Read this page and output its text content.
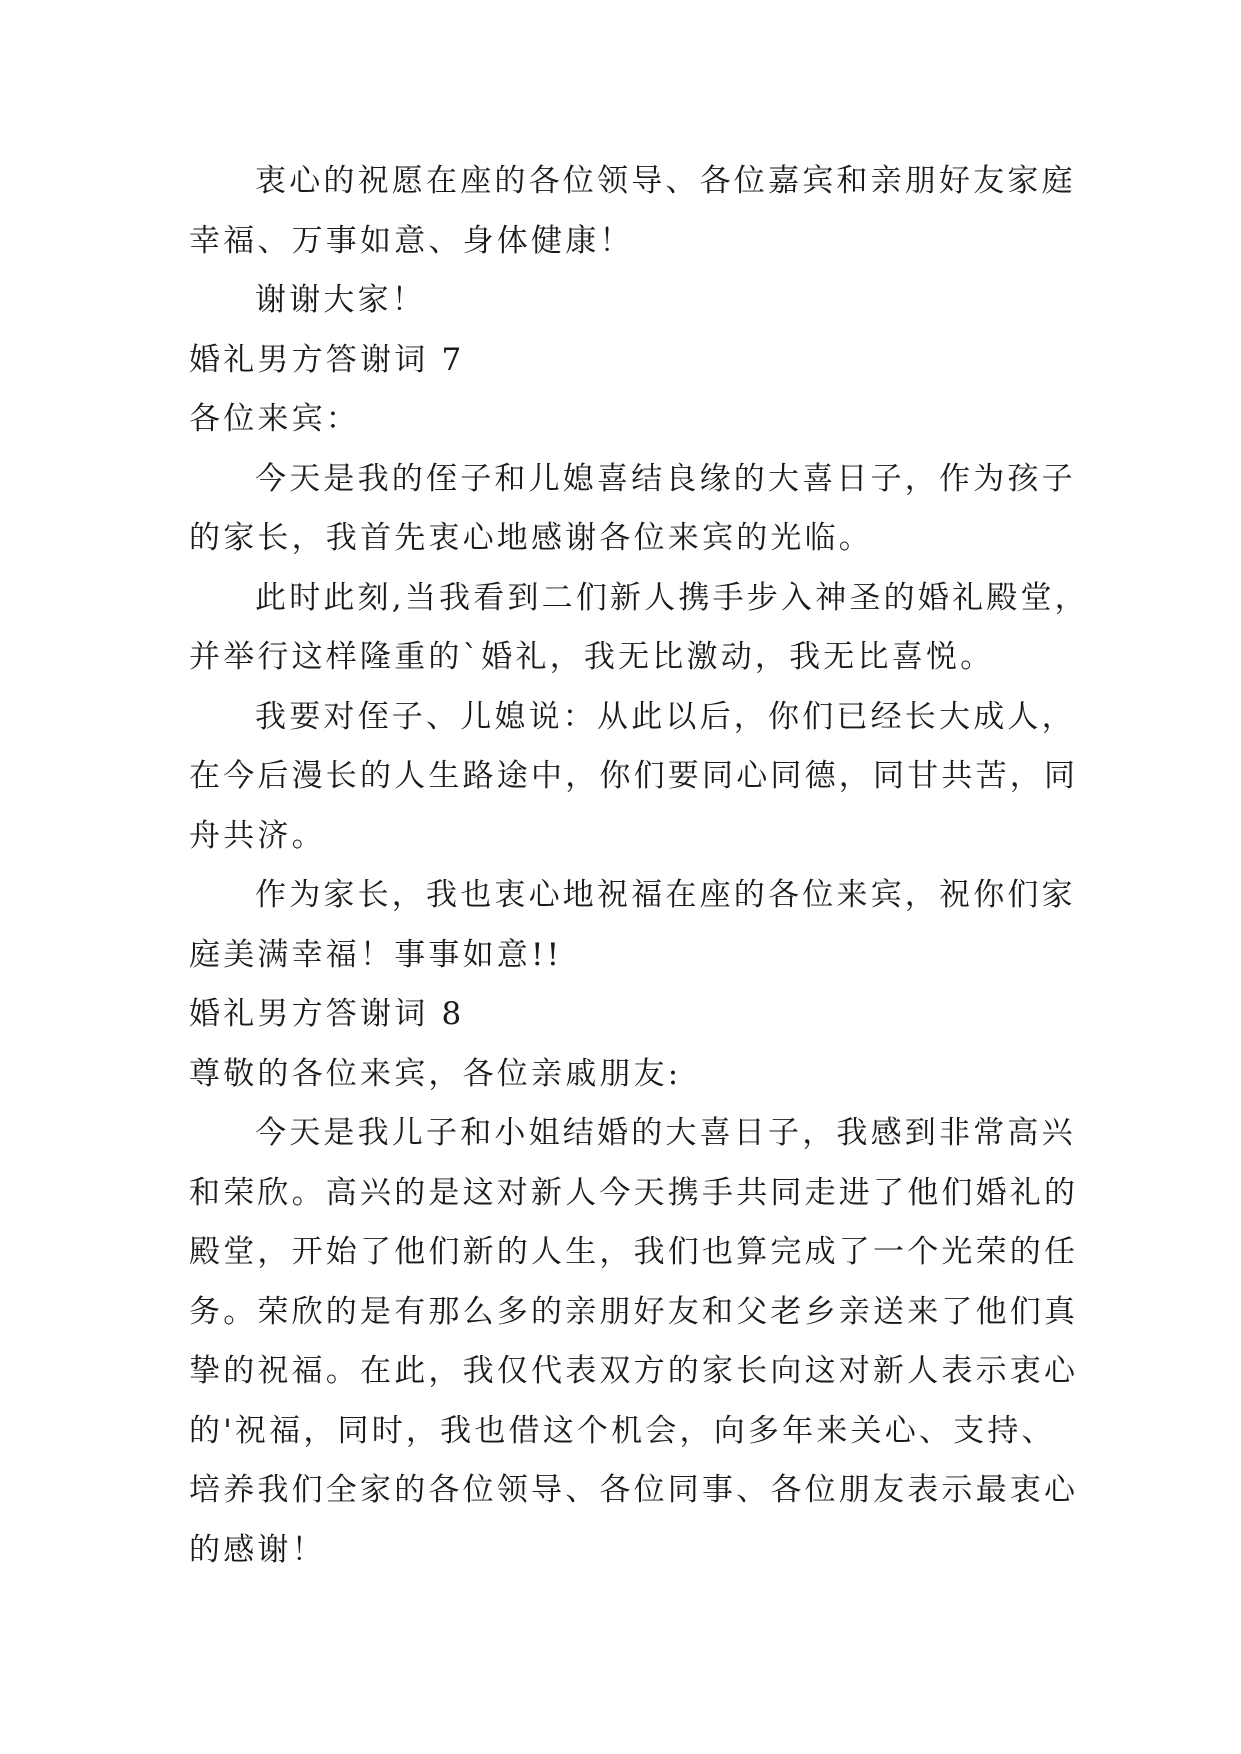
衷心的祝愿在座的各位领导、各位嘉宾和亲朋好友家庭
幸福、万事如意、身体健康！
谢谢大家！
婚礼男方答谢词 7
各位来宾：
今天是我的侄子和儿媳喜结良缘的大喜日子，作为孩子
的家长，我首先衷心地感谢各位来宾的光临。
此时此刻,当我看到二们新人携手步入神圣的婚礼殿堂，
并举行这样隆重的`婚礼，我无比激动，我无比喜悦。
我要对侄子、儿媳说：从此以后，你们已经长大成人，
在今后漫长的人生路途中，你们要同心同德，同甘共苦，同
舟共济。
作为家长，我也衷心地祝福在座的各位来宾，祝你们家
庭美满幸福！事事如意!!
婚礼男方答谢词 8
尊敬的各位来宾，各位亲戚朋友:
今天是我儿子和小姐结婚的大喜日子，我感到非常高兴
和荣欣。高兴的是这对新人今天携手共同走进了他们婚礼的
殿堂，开始了他们新的人生，我们也算完成了一个光荣的任
务。荣欣的是有那么多的亲朋好友和父老乡亲送来了他们真
挚的祝福。在此，我仅代表双方的家长向这对新人表示衷心
的'祝福，同时，我也借这个机会，向多年来关心、支持、
培养我们全家的各位领导、各位同事、各位朋友表示最衷心
的感谢！
